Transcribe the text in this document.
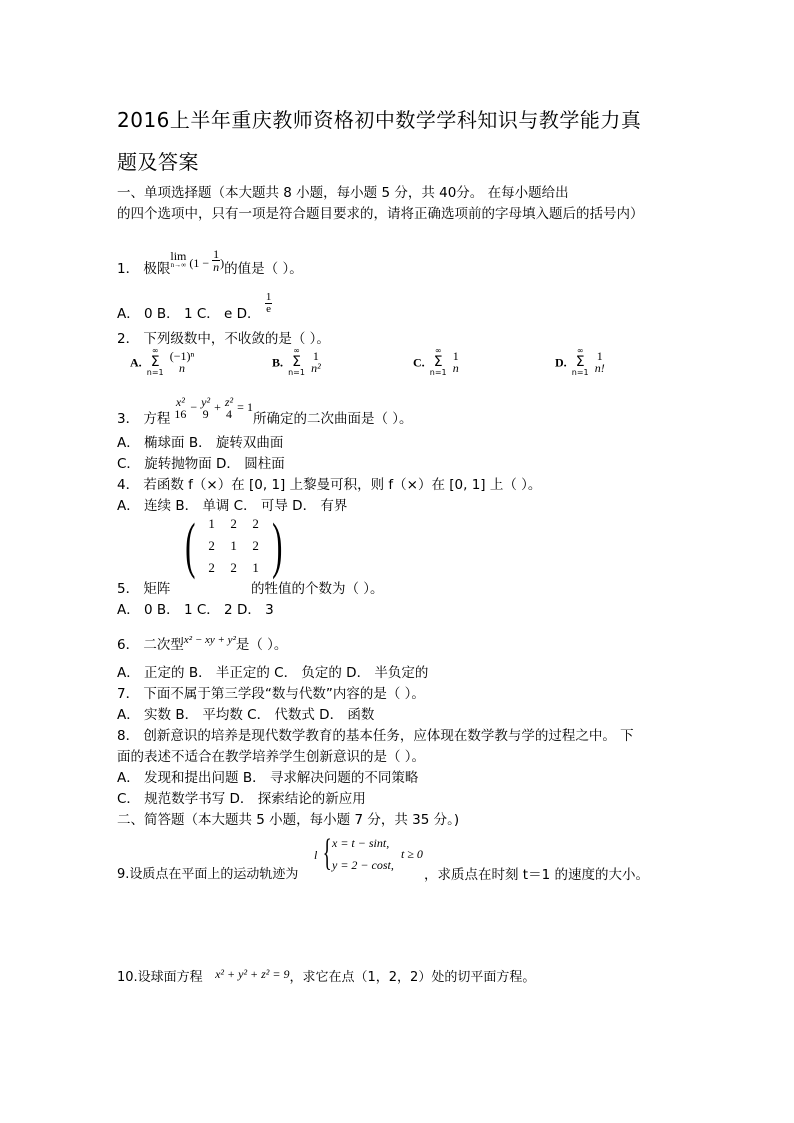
2016上半年重庆教师资格初中数学学科知识与教学能力真
题及答案
一、单项选择题（本大题共 8 小题，每小题 5 分，共 40分。 在每小题给出
的四个选项中，只有一项是符合题目要求的，请将正确选项前的字母填入题后的括号内）
1． 极限
lim
n→∞ ($1 - \frac{1}{n}$ )的值是（ ）。
A． 0 B． 1 C． e D． $\frac{1}{e}$
2． 下列级数中，不收敛的是（ ）。
A. ∞
Σ
n=1
(−1)ⁿ
n	B. ∞
Σ
n=1
1
n²	C. ∞
Σ
n=1
1
n	D. ∞
Σ
n=1
1
n!
3． 方程
x²
16
− y²
9
+ z²
4
= 1所确定的二次曲面是（ ）。
A． 椭球面 B． 旋转双曲面
C． 旋转抛物面 D． 圆柱面
4． 若函数 f（×）在 [0, 1] 上黎曼可积，则 f（×）在 [0, 1] 上（ ）。
A． 连续 B． 单调 C． 可导 D． 有界
( 1	2	2
2	1	2
2	2	1 )
5． 矩阵	的牲值的个数为（ ）。
A． 0 B． 1 C． 2 D． 3
6． 二次型$^{x^2 - xy + y^2}$是（ ）。
A． 正定的 B． 半正定的 C． 负定的 D． 半负定的
7． 下面不属于第三学段“数与代数”内容的是（ ）。
A． 实数 B． 平均数 C． 代数式 D． 函数
8． 创新意识的培养是现代数学教育的基本任务，应体现在数学教与学的过程之中。 下
面的表述不适合在教学培养学生创新意识的是（ ）。
A． 发现和提出问题 B． 寻求解决问题的不同策略
C． 规范数学书写 D． 探索结论的新应用
二、简答题（本大题共 5 小题，每小题 7 分，共 35 分。)
l { x = t − sint,
y = 2 − cost,
t ≥ 0
9.设质点在平面上的运动轨迹为	，求质点在时刻 t＝1 的速度的大小。
10.设球面方程 x² + y² + z² = 9，求它在点（1，2，2）处的切平面方程。
